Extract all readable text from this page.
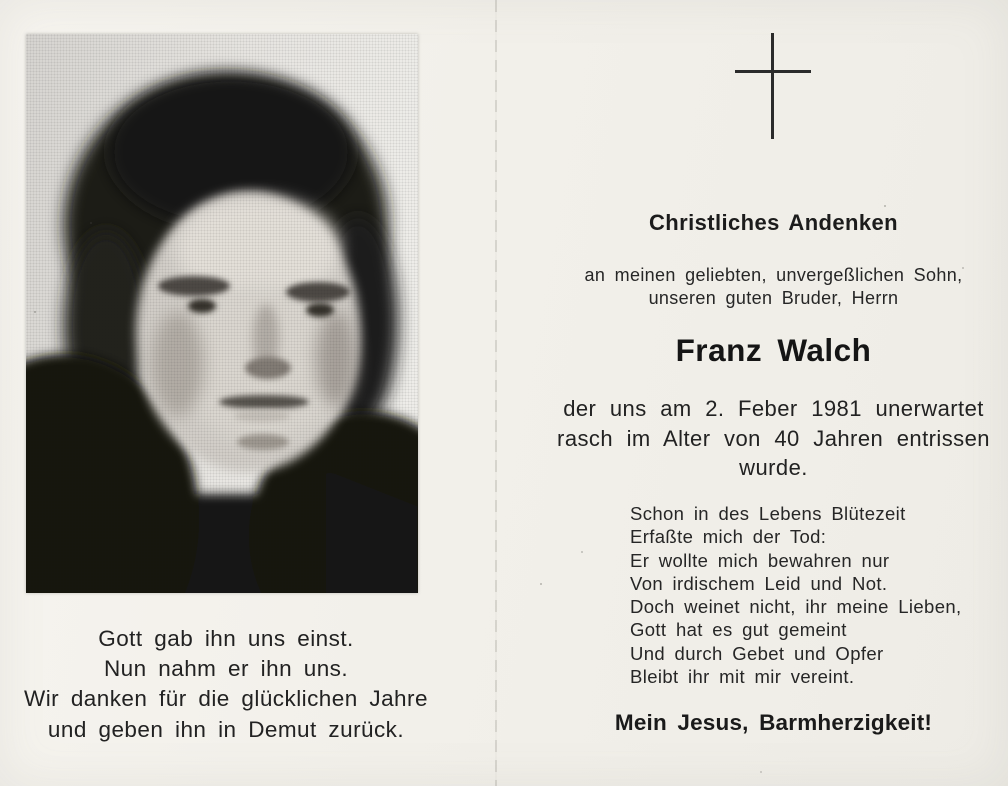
Gott gab ihn uns einst.
Nun nahm er ihn uns.
Wir danken für die glücklichen Jahre
und geben ihn in Demut zurück.
Christliches Andenken
an meinen geliebten, unvergeßlichen Sohn,
unseren guten Bruder, Herrn
Franz Walch
der uns am 2. Feber 1981 unerwartet
rasch im Alter von 40 Jahren entrissen
wurde.
Schon in des Lebens Blütezeit
Erfaßte mich der Tod:
Er wollte mich bewahren nur
Von irdischem Leid und Not.
Doch weinet nicht, ihr meine Lieben,
Gott hat es gut gemeint
Und durch Gebet und Opfer
Bleibt ihr mit mir vereint.
Mein Jesus, Barmherzigkeit!
